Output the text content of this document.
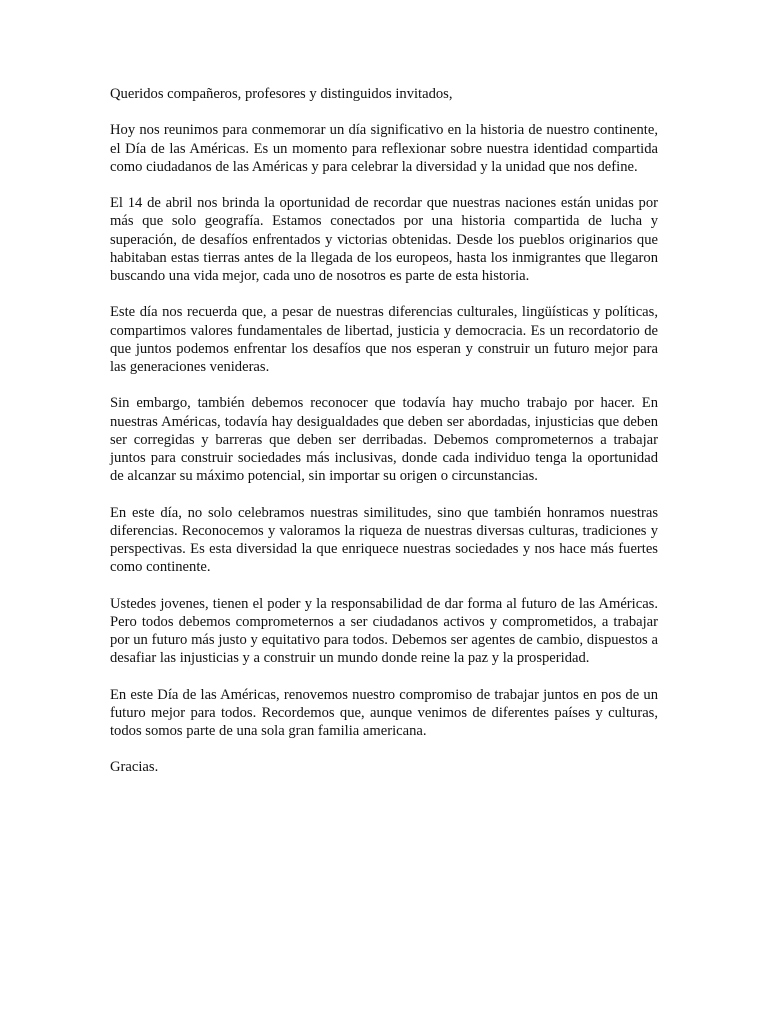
Queridos compañeros, profesores y distinguidos invitados,

Hoy nos reunimos para conmemorar un día significativo en la historia de nuestro continente, el Día de las Américas. Es un momento para reflexionar sobre nuestra identidad compartida como ciudadanos de las Américas y para celebrar la diversidad y la unidad que nos define.

El 14 de abril nos brinda la oportunidad de recordar que nuestras naciones están unidas por más que solo geografía. Estamos conectados por una historia compartida de lucha y superación, de desafíos enfrentados y victorias obtenidas. Desde los pueblos originarios que habitaban estas tierras antes de la llegada de los europeos, hasta los inmigrantes que llegaron buscando una vida mejor, cada uno de nosotros es parte de esta historia.

Este día nos recuerda que, a pesar de nuestras diferencias culturales, lingüísticas y políticas, compartimos valores fundamentales de libertad, justicia y democracia. Es un recordatorio de que juntos podemos enfrentar los desafíos que nos esperan y construir un futuro mejor para las generaciones venideras.

Sin embargo, también debemos reconocer que todavía hay mucho trabajo por hacer. En nuestras Américas, todavía hay desigualdades que deben ser abordadas, injusticias que deben ser corregidas y barreras que deben ser derribadas. Debemos comprometernos a trabajar juntos para construir sociedades más inclusivas, donde cada individuo tenga la oportunidad de alcanzar su máximo potencial, sin importar su origen o circunstancias.

En este día, no solo celebramos nuestras similitudes, sino que también honramos nuestras diferencias. Reconocemos y valoramos la riqueza de nuestras diversas culturas, tradiciones y perspectivas. Es esta diversidad la que enriquece nuestras sociedades y nos hace más fuertes como continente.

Ustedes jovenes, tienen el poder y la responsabilidad de dar forma al futuro de las Américas. Pero todos debemos comprometernos a ser ciudadanos activos y comprometidos, a trabajar por un futuro más justo y equitativo para todos. Debemos ser agentes de cambio, dispuestos a desafiar las injusticias y a construir un mundo donde reine la paz y la prosperidad.

En este Día de las Américas, renovemos nuestro compromiso de trabajar juntos en pos de un futuro mejor para todos. Recordemos que, aunque venimos de diferentes países y culturas, todos somos parte de una sola gran familia americana.

Gracias.
